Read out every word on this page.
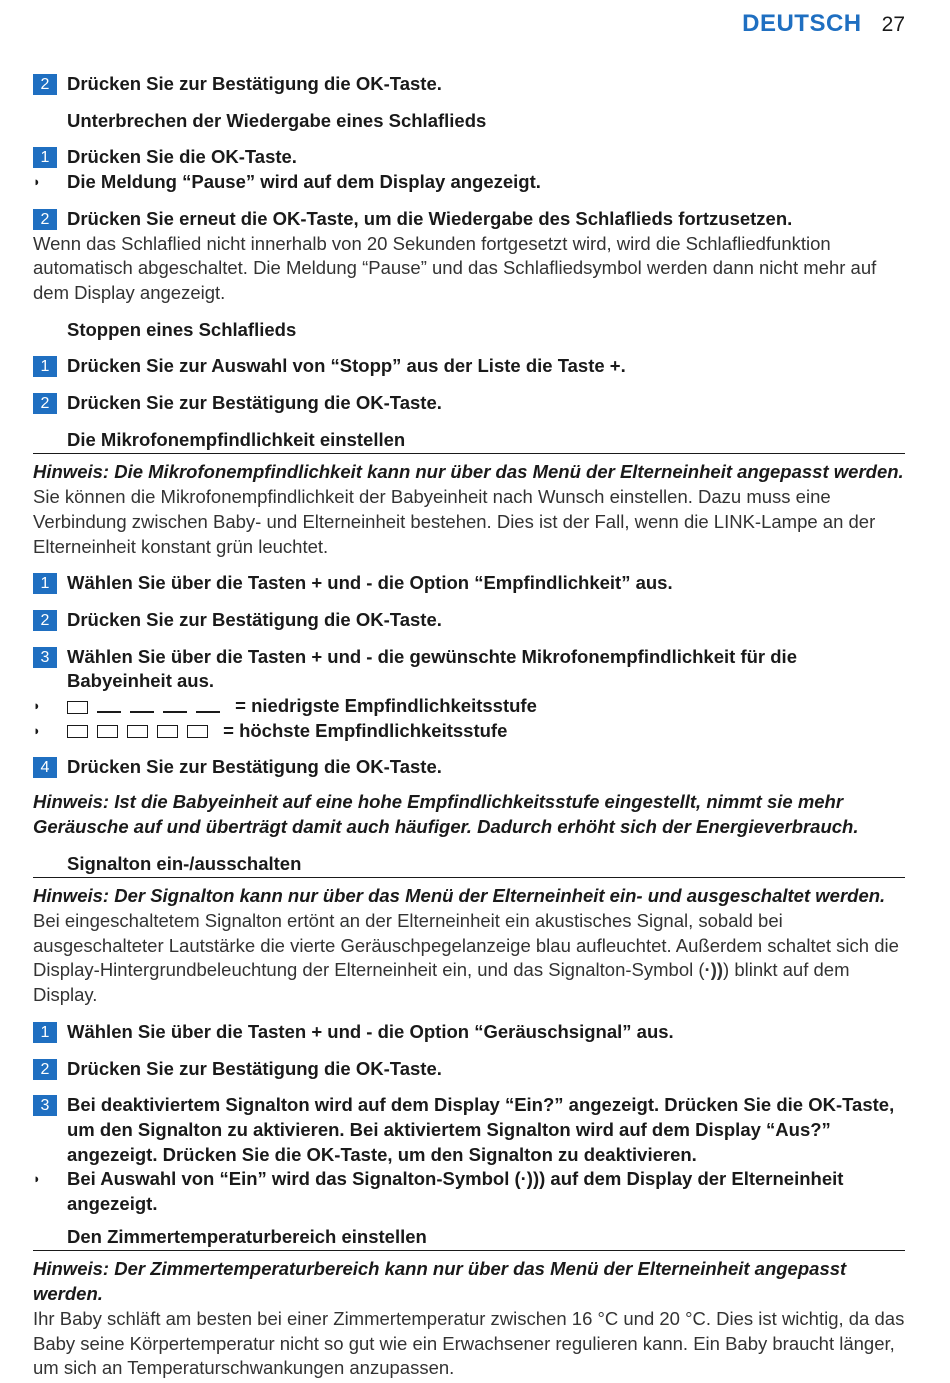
DEUTSCH 27
2 Drücken Sie zur Bestätigung die OK-Taste.
Unterbrechen der Wiedergabe eines Schlaflieds
1 Drücken Sie die OK-Taste.
◗ Die Meldung “Pause” wird auf dem Display angezeigt.
2 Drücken Sie erneut die OK-Taste, um die Wiedergabe des Schlaflieds fortzusetzen.
Wenn das Schlaflied nicht innerhalb von 20 Sekunden fortgesetzt wird, wird die Schlafliedfunktion automatisch abgeschaltet. Die Meldung “Pause” und das Schlafliedsymbol werden dann nicht mehr auf dem Display angezeigt.
Stoppen eines Schlaflieds
1 Drücken Sie zur Auswahl von “Stopp” aus der Liste die Taste +.
2 Drücken Sie zur Bestätigung die OK-Taste.
Die Mikrofonempfindlichkeit einstellen
Hinweis: Die Mikrofonempfindlichkeit kann nur über das Menü der Elterneinheit angepasst werden.
Sie können die Mikrofonempfindlichkeit der Babyeinheit nach Wunsch einstellen. Dazu muss eine Verbindung zwischen Baby- und Elterneinheit bestehen. Dies ist der Fall, wenn die LINK-Lampe an der Elterneinheit konstant grün leuchtet.
1 Wählen Sie über die Tasten + und - die Option “Empfindlichkeit” aus.
2 Drücken Sie zur Bestätigung die OK-Taste.
3 Wählen Sie über die Tasten + und - die gewünschte Mikrofonempfindlichkeit für die Babyeinheit aus.
◗	= niedrigste Empfindlichkeitsstufe
◗	= höchste Empfindlichkeitsstufe
4 Drücken Sie zur Bestätigung die OK-Taste.
Hinweis: Ist die Babyeinheit auf eine hohe Empfindlichkeitsstufe eingestellt, nimmt sie mehr Geräusche auf und überträgt damit auch häufiger. Dadurch erhöht sich der Energieverbrauch.
Signalton ein-/ausschalten
Hinweis: Der Signalton kann nur über das Menü der Elterneinheit ein- und ausgeschaltet werden.
Bei eingeschaltetem Signalton ertönt an der Elterneinheit ein akustisches Signal, sobald bei ausgeschalteter Lautstärke die vierte Geräuschpegelanzeige blau aufleuchtet. Außerdem schaltet sich die Display-Hintergrundbeleuchtung der Elterneinheit ein, und das Signalton-Symbol (·))) blinkt auf dem Display.
1 Wählen Sie über die Tasten + und - die Option “Geräuschsignal” aus.
2 Drücken Sie zur Bestätigung die OK-Taste.
3 Bei deaktiviertem Signalton wird auf dem Display “Ein?” angezeigt. Drücken Sie die OK-Taste, um den Signalton zu aktivieren. Bei aktiviertem Signalton wird auf dem Display “Aus?” angezeigt. Drücken Sie die OK-Taste, um den Signalton zu deaktivieren.
◗ Bei Auswahl von “Ein” wird das Signalton-Symbol (·))) auf dem Display der Elterneinheit angezeigt.
Den Zimmertemperaturbereich einstellen
Hinweis: Der Zimmertemperaturbereich kann nur über das Menü der Elterneinheit angepasst werden.
Ihr Baby schläft am besten bei einer Zimmertemperatur zwischen 16 °C und 20 °C. Dies ist wichtig, da das Baby seine Körpertemperatur nicht so gut wie ein Erwachsener regulieren kann. Ein Baby braucht länger, um sich an Temperaturschwankungen anzupassen.
